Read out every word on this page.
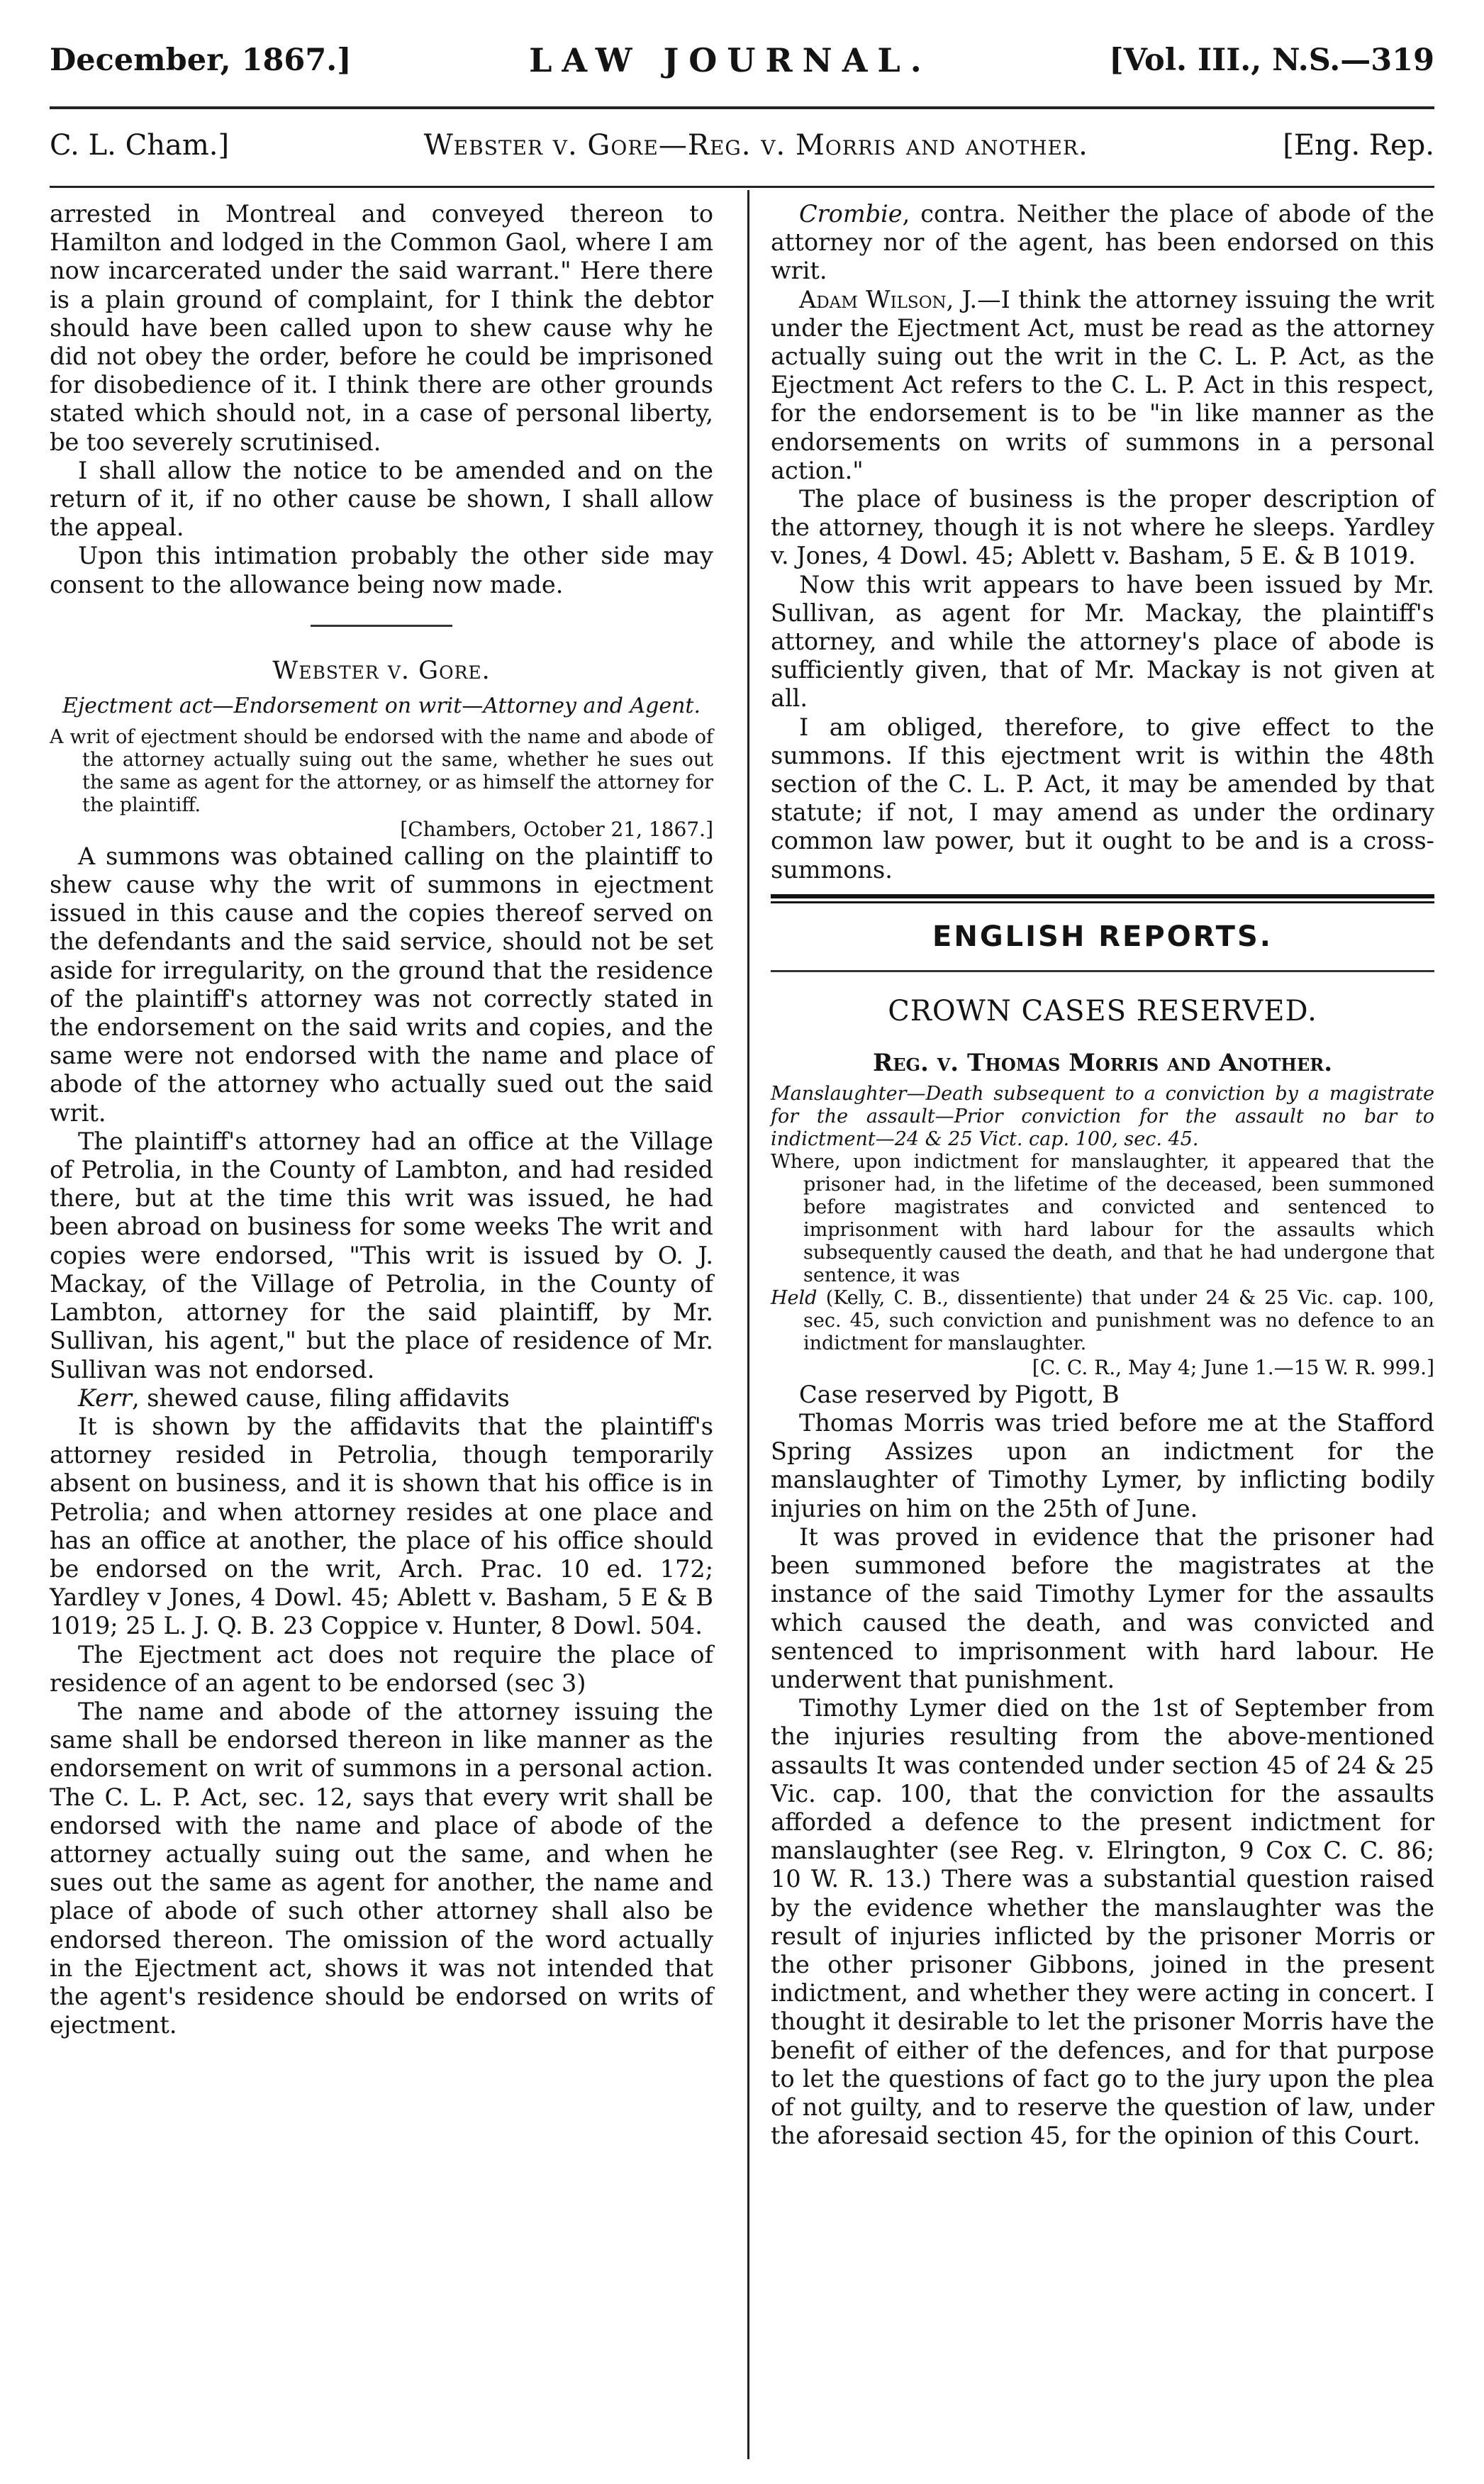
December, 1867.]	LAW JOURNAL.	[Vol. III., N.S.—319
C. L. Cham.]	Webster v. Gore—Reg. v. Morris and another.	[Eng. Rep.

arrested in Montreal and conveyed thereon to Hamilton and lodged in the Common Gaol, where I am now incarcerated under the said warrant." Here there is a plain ground of complaint, for I think the debtor should have been called upon to shew cause why he did not obey the order, before he could be imprisoned for disobedience of it. I think there are other grounds stated which should not, in a case of personal liberty, be too severely scrutinised.

I shall allow the notice to be amended and on the return of it, if no other cause be shown, I shall allow the appeal.

Upon this intimation probably the other side may consent to the allowance being now made.

Webster v. Gore.
Ejectment act—Endorsement on writ—Attorney and Agent.

A writ of ejectment should be endorsed with the name and abode of the attorney actually suing out the same, whether he sues out the same as agent for the attorney, or as himself the attorney for the plaintiff.

[Chambers, October 21, 1867.]

A summons was obtained calling on the plaintiff to shew cause why the writ of summons in ejectment issued in this cause and the copies thereof served on the defendants and the said service, should not be set aside for irregularity, on the ground that the residence of the plaintiff's attorney was not correctly stated in the endorsement on the said writs and copies, and the same were not endorsed with the name and place of abode of the attorney who actually sued out the said writ.

The plaintiff's attorney had an office at the Village of Petrolia, in the County of Lambton, and had resided there, but at the time this writ was issued, he had been abroad on business for some weeks The writ and copies were endorsed, "This writ is issued by O. J. Mackay, of the Village of Petrolia, in the County of Lambton, attorney for the said plaintiff, by Mr. Sullivan, his agent," but the place of residence of Mr. Sullivan was not endorsed.

Kerr, shewed cause, filing affidavits

It is shown by the affidavits that the plaintiff's attorney resided in Petrolia, though temporarily absent on business, and it is shown that his office is in Petrolia; and when attorney resides at one place and has an office at another, the place of his office should be endorsed on the writ, Arch. Prac. 10 ed. 172; Yardley v Jones, 4 Dowl. 45; Ablett v. Basham, 5 E & B 1019; 25 L. J. Q. B. 23 Coppice v. Hunter, 8 Dowl. 504.

The Ejectment act does not require the place of residence of an agent to be endorsed (sec 3)

The name and abode of the attorney issuing the same shall be endorsed thereon in like manner as the endorsement on writ of summons in a personal action. The C. L. P. Act, sec. 12, says that every writ shall be endorsed with the name and place of abode of the attorney actually suing out the same, and when he sues out the same as agent for another, the name and place of abode of such other attorney shall also be endorsed thereon. The omission of the word actually in the Ejectment act, shows it was not intended that the agent's residence should be endorsed on writs of ejectment.

Crombie, contra. Neither the place of abode of the attorney nor of the agent, has been endorsed on this writ.

Adam Wilson, J.—I think the attorney issuing the writ under the Ejectment Act, must be read as the attorney actually suing out the writ in the C. L. P. Act, as the Ejectment Act refers to the C. L. P. Act in this respect, for the endorsement is to be "in like manner as the endorsements on writs of summons in a personal action."

The place of business is the proper description of the attorney, though it is not where he sleeps. Yardley v. Jones, 4 Dowl. 45; Ablett v. Basham, 5 E. & B 1019.

Now this writ appears to have been issued by Mr. Sullivan, as agent for Mr. Mackay, the plaintiff's attorney, and while the attorney's place of abode is sufficiently given, that of Mr. Mackay is not given at all.

I am obliged, therefore, to give effect to the summons. If this ejectment writ is within the 48th section of the C. L. P. Act, it may be amended by that statute; if not, I may amend as under the ordinary common law power, but it ought to be and is a cross-summons.

ENGLISH REPORTS.
CROWN CASES RESERVED.
Reg. v. Thomas Morris and Another.

Manslaughter—Death subsequent to a conviction by a magistrate for the assault—Prior conviction for the assault no bar to indictment—24 & 25 Vict. cap. 100, sec. 45.

Where, upon indictment for manslaughter, it appeared that the prisoner had, in the lifetime of the deceased, been summoned before magistrates and convicted and sentenced to imprisonment with hard labour for the assaults which subsequently caused the death, and that he had undergone that sentence, it was

Held (Kelly, C. B., dissentiente) that under 24 & 25 Vic. cap. 100, sec. 45, such conviction and punishment was no defence to an indictment for manslaughter.

[C. C. R., May 4; June 1.—15 W. R. 999.]

Case reserved by Pigott, B

Thomas Morris was tried before me at the Stafford Spring Assizes upon an indictment for the manslaughter of Timothy Lymer, by inflicting bodily injuries on him on the 25th of June.

It was proved in evidence that the prisoner had been summoned before the magistrates at the instance of the said Timothy Lymer for the assaults which caused the death, and was convicted and sentenced to imprisonment with hard labour. He underwent that punishment.

Timothy Lymer died on the 1st of September from the injuries resulting from the above-mentioned assaults It was contended under section 45 of 24 & 25 Vic. cap. 100, that the conviction for the assaults afforded a defence to the present indictment for manslaughter (see Reg. v. Elrington, 9 Cox C. C. 86; 10 W. R. 13.) There was a substantial question raised by the evidence whether the manslaughter was the result of injuries inflicted by the prisoner Morris or the other prisoner Gibbons, joined in the present indictment, and whether they were acting in concert. I thought it desirable to let the prisoner Morris have the benefit of either of the defences, and for that purpose to let the questions of fact go to the jury upon the plea of not guilty, and to reserve the question of law, under the aforesaid section 45, for the opinion of this Court.
